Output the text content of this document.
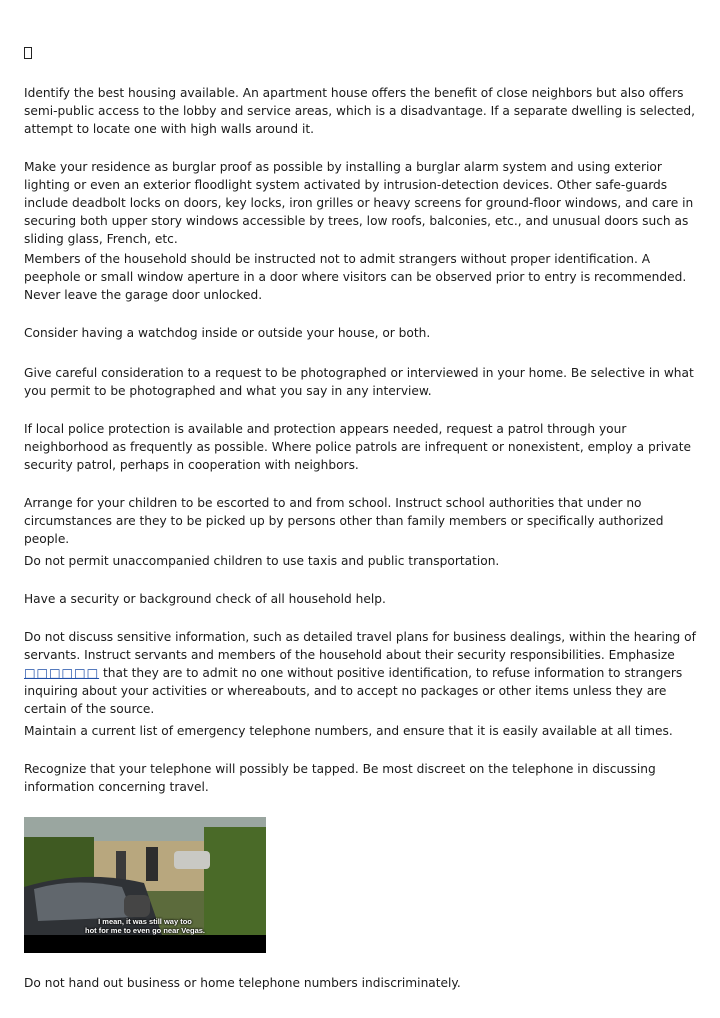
Identify the best housing available. An apartment house offers the benefit of close neighbors but also offers semi-public access to the lobby and service areas, which is a disadvantage. If a separate dwelling is selected, attempt to locate one with high walls around it.

Make your residence as burglar proof as possible by installing a burglar alarm system and using exterior lighting or even an exterior floodlight system activated by intrusion-detection devices. Other safe-guards include deadbolt locks on doors, key locks, iron grilles or heavy screens for ground-floor windows, and care in securing both upper story windows accessible by trees, low roofs, balconies, etc., and unusual doors such as sliding glass, French, etc.

Members of the household should be instructed not to admit strangers without proper identification. A peephole or small window aperture in a door where visitors can be observed prior to entry is recommended. Never leave the garage door unlocked.

Consider having a watchdog inside or outside your house, or both.

Give careful consideration to a request to be photographed or interviewed in your home. Be selective in what you permit to be photographed and what you say in any interview.

If local police protection is available and protection appears needed, request a patrol through your neighborhood as frequently as possible. Where police patrols are infrequent or nonexistent, employ a private security patrol, perhaps in cooperation with neighbors.

Arrange for your children to be escorted to and from school. Instruct school authorities that under no circumstances are they to be picked up by persons other than family members or specifically authorized people.

Do not permit unaccompanied children to use taxis and public transportation.

Have a security or background check of all household help.

Do not discuss sensitive information, such as detailed travel plans for business dealings, within the hearing of servants. Instruct servants and members of the household about their security responsibilities. Emphasize □□□□□□ that they are to admit no one without positive identification, to refuse information to strangers inquiring about your activities or whereabouts, and to accept no packages or other items unless they are certain of the source.

Maintain a current list of emergency telephone numbers, and ensure that it is easily available at all times.

Recognize that your telephone will possibly be tapped. Be most discreet on the telephone in discussing information concerning travel.

I mean, it was still way too
hot for me to even go near Vegas.

Do not hand out business or home telephone numbers indiscriminately.
